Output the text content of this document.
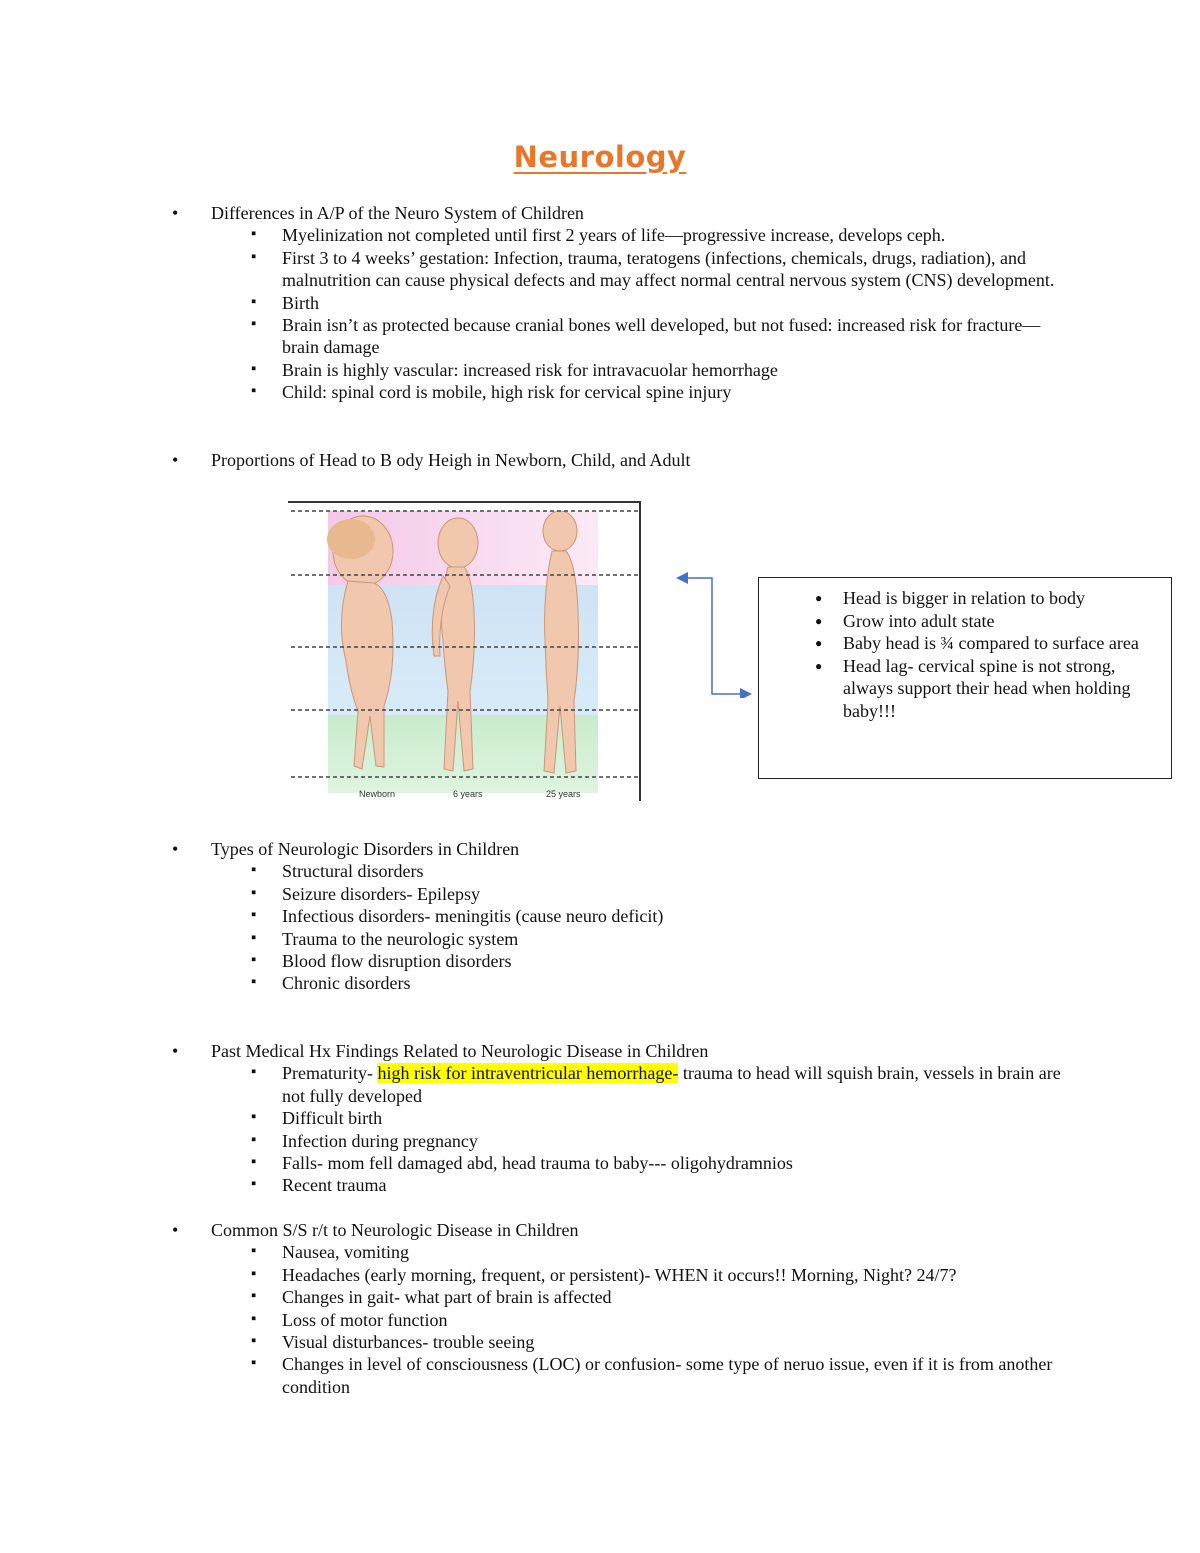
Neurology
• Differences in A/P of the Neuro System of Children
▪ Myelinization not completed until first 2 years of life—progressive increase, develops ceph.
▪ First 3 to 4 weeks’ gestation: Infection, trauma, teratogens (infections, chemicals, drugs, radiation), and malnutrition can cause physical defects and may affect normal central nervous system (CNS) development.
▪ Birth
▪ Brain isn’t as protected because cranial bones well developed, but not fused: increased risk for fracture—brain damage
▪ Brain is highly vascular: increased risk for intravacuolar hemorrhage
▪ Child: spinal cord is mobile, high risk for cervical spine injury
• Proportions of Head to B ody Heigh in Newborn, Child, and Adult
Newborn	6 years	25 years
● Head is bigger in relation to body
● Grow into adult state
● Baby head is ¾ compared to surface area
● Head lag- cervical spine is not strong, always support their head when holding baby!!!
• Types of Neurologic Disorders in Children
▪ Structural disorders
▪ Seizure disorders- Epilepsy
▪ Infectious disorders- meningitis (cause neuro deficit)
▪ Trauma to the neurologic system
▪ Blood flow disruption disorders
▪ Chronic disorders
• Past Medical Hx Findings Related to Neurologic Disease in Children
▪ Prematurity- high risk for intraventricular hemorrhage- trauma to head will squish brain, vessels in brain are not fully developed
▪ Difficult birth
▪ Infection during pregnancy
▪ Falls- mom fell damaged abd, head trauma to baby--- oligohydramnios
▪ Recent trauma
• Common S/S r/t to Neurologic Disease in Children
▪ Nausea, vomiting
▪ Headaches (early morning, frequent, or persistent)- WHEN it occurs!! Morning, Night? 24/7?
▪ Changes in gait- what part of brain is affected
▪ Loss of motor function
▪ Visual disturbances- trouble seeing
▪ Changes in level of consciousness (LOC) or confusion- some type of neruo issue, even if it is from another condition
